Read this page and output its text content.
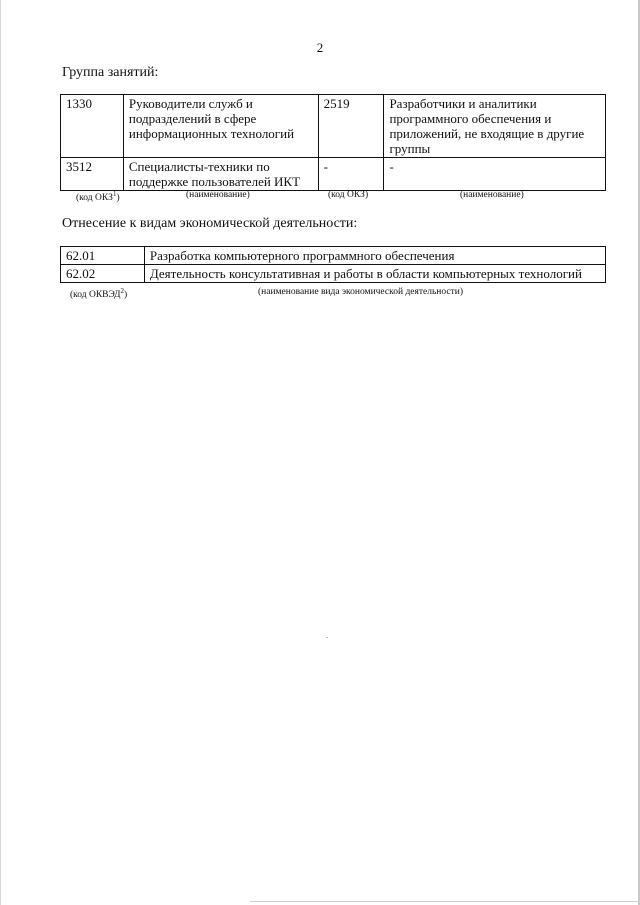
2
Группа занятий:
1330	Руководители служб и подразделений в сфере информационных технологий	2519	Разработчики и аналитики программного обеспечения и приложений, не входящие в другие группы
3512	Специалисты-техники по поддержке пользователей ИКТ	-	-
(код ОКЗ$^1$)	(наименование)	(код ОКЗ)	(наименование)
Отнесение к видам экономической деятельности:
62.01	Разработка компьютерного программного обеспечения
62.02	Деятельность консультативная и работы в области компьютерных технологий
(код ОКВЭД$^2$)	(наименование вида экономической деятельности)
